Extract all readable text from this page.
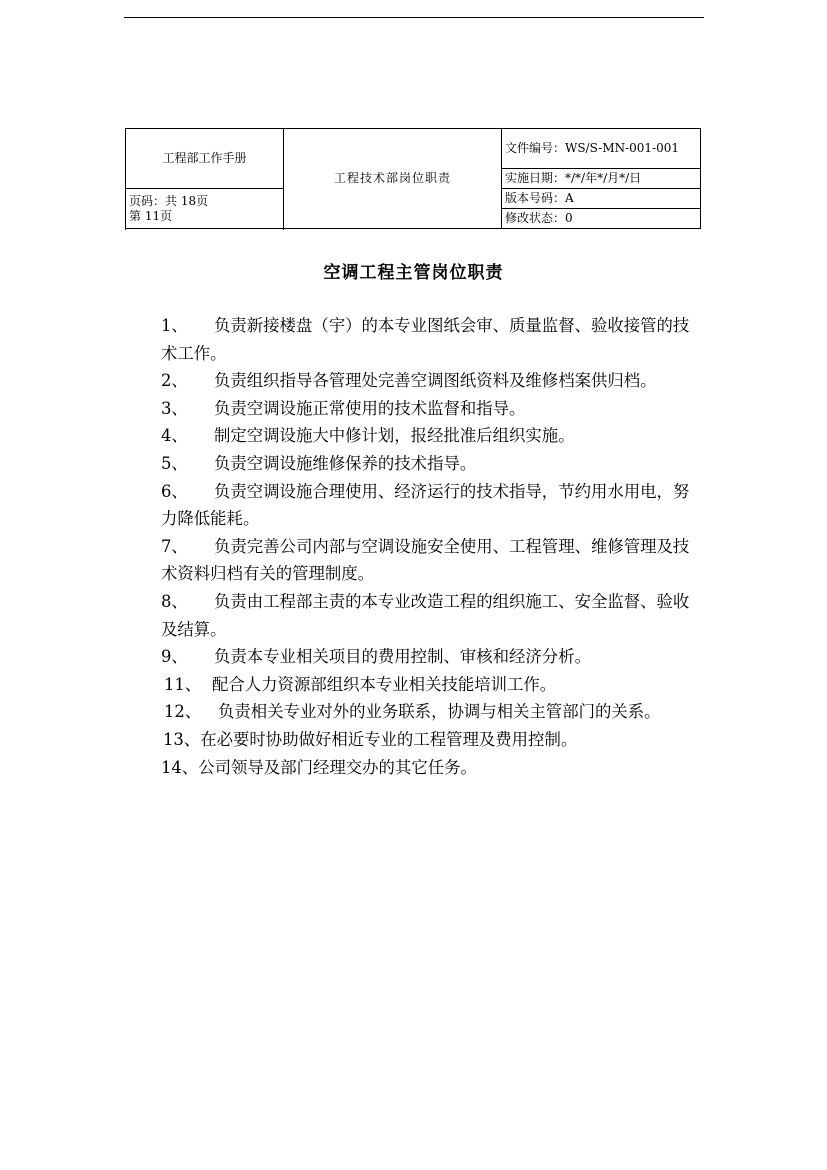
工程部工作手册	工程技术部岗位职责	文件编号：WS/S-MN-001-001
		实施日期：*/*/年*/月*/日

页码：共 18页
第 11页		版本号码：A
		修改状态：0

空调工程主管岗位职责
1、 负责新接楼盘（宇）的本专业图纸会审、质量监督、验收接管的技术工作。
2、 负责组织指导各管理处完善空调图纸资料及维修档案供归档。
3、 负责空调设施正常使用的技术监督和指导。
4、 制定空调设施大中修计划，报经批准后组织实施。
5、 负责空调设施维修保养的技术指导。
6、 负责空调设施合理使用、经济运行的技术指导，节约用水用电，努力降低能耗。
7、 负责完善公司内部与空调设施安全使用、工程管理、维修管理及技术资料归档有关的管理制度。
8、 负责由工程部主责的本专业改造工程的组织施工、安全监督、验收及结算。
9、 负责本专业相关项目的费用控制、审核和经济分析。
11、 配合人力资源部组织本专业相关技能培训工作。
12、 负责相关专业对外的业务联系，协调与相关主管部门的关系。
13、在必要时协助做好相近专业的工程管理及费用控制。
14、公司领导及部门经理交办的其它任务。
